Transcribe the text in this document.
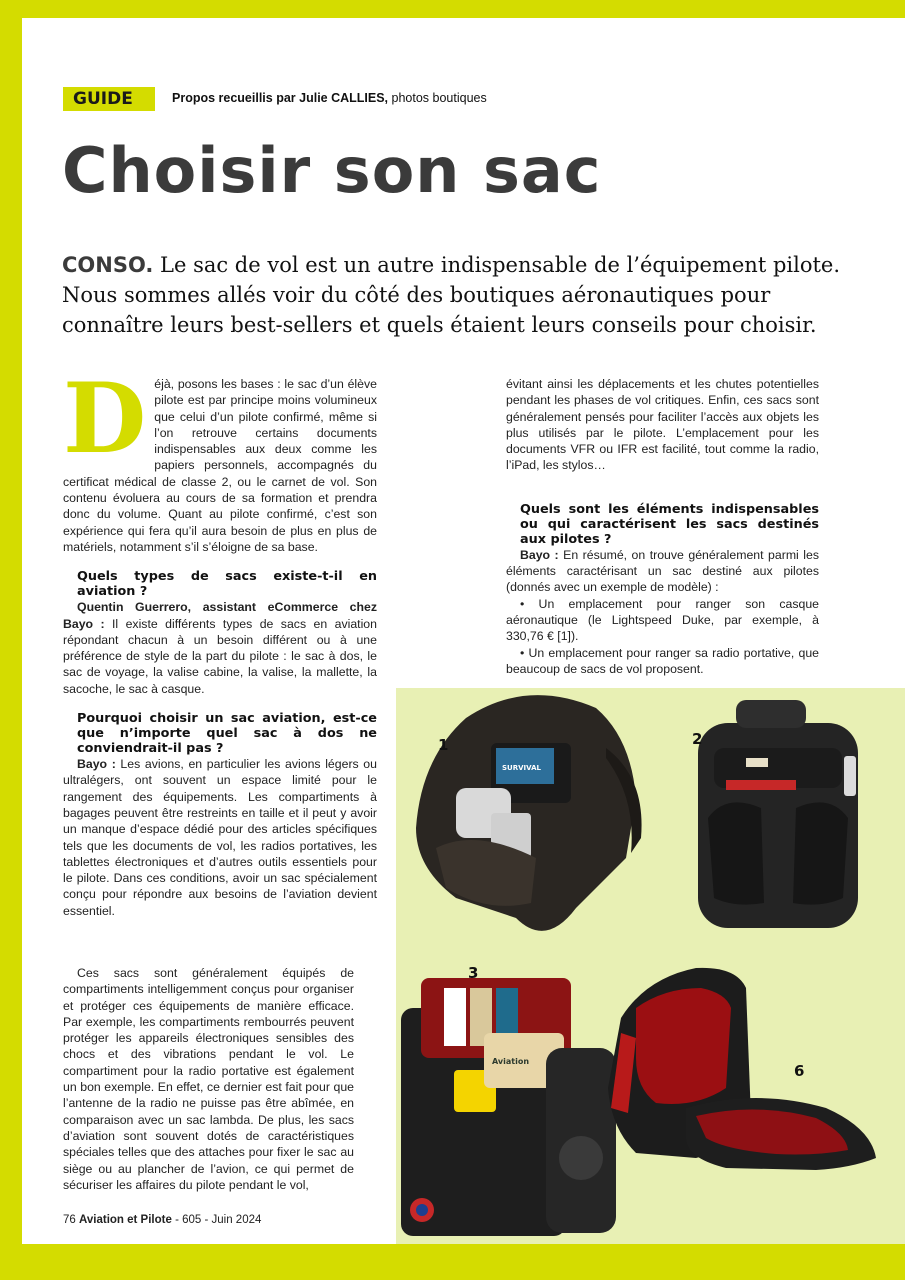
GUIDE	Propos recueillis par Julie CALLIES, photos boutiques
Choisir son sac

CONSO. Le sac de vol est un autre indispensable de l’équipement pilote. Nous sommes allés voir du côté des boutiques aéronautiques pour connaître leurs best-sellers et quels étaient leurs conseils pour choisir.

Déjà, posons les bases : le sac d’un élève pilote est par principe moins volumineux que celui d’un pilote confirmé, même si l’on retrouve certains documents indispensables aux deux comme les papiers personnels, accompagnés du certificat médical de classe 2, ou le carnet de vol. Son contenu évoluera au cours de sa formation et prendra donc du volume. Quant au pilote confirmé, c’est son expérience qui fera qu’il aura besoin de plus en plus de matériels, notamment s’il s’éloigne de sa base.

Quels types de sacs existe-t-il en aviation ?

Quentin Guerrero, assistant eCommerce chez Bayo : Il existe différents types de sacs en aviation répondant chacun à un besoin différent ou à une préférence de style de la part du pilote : le sac à dos, le sac de voyage, la valise cabine, la valise, la mallette, la sacoche, le sac à casque.

Pourquoi choisir un sac aviation, est-ce que n’importe quel sac à dos ne conviendrait-il pas ?

Bayo : Les avions, en particulier les avions légers ou ultralégers, ont souvent un espace limité pour le rangement des équipements. Les compartiments à bagages peuvent être restreints en taille et il peut y avoir un manque d’espace dédié pour des articles spécifiques tels que les documents de vol, les radios portatives, les tablettes électroniques et d’autres outils essentiels pour le pilote. Dans ces conditions, avoir un sac spécialement conçu pour répondre aux besoins de l’aviation devient essentiel.

Ces sacs sont généralement équipés de compartiments intelligemment conçus pour organiser et protéger ces équipements de manière efficace. Par exemple, les compartiments rembourrés peuvent protéger les appareils électroniques sensibles des chocs et des vibrations pendant le vol. Le compartiment pour la radio portative est également un bon exemple. En effet, ce dernier est fait pour que l’antenne de la radio ne puisse pas être abîmée, en comparaison avec un sac lambda. De plus, les sacs d’aviation sont souvent dotés de caractéristiques spéciales telles que des attaches pour fixer le sac au siège ou au plancher de l’avion, ce qui permet de sécuriser les affaires du pilote pendant le vol,

évitant ainsi les déplacements et les chutes potentielles pendant les phases de vol critiques. Enfin, ces sacs sont généralement pensés pour faciliter l’accès aux objets les plus utilisés par le pilote. L’emplacement pour les documents VFR ou IFR est facilité, tout comme la radio, l’iPad, les stylos…

Quels sont les éléments indispensables ou qui caractérisent les sacs destinés aux pilotes ?

Bayo : En résumé, on trouve généralement parmi les éléments caractérisant un sac destiné aux pilotes (donnés avec un exemple de modèle) :

• Un emplacement pour ranger son casque aéronautique (le Lightspeed Duke, par exemple, à 330,76 € [1]).

• Un emplacement pour ranger sa radio portative, que beaucoup de sacs de vol proposent.

SURVIVAL
Aviation
1	2
3
6
76 Aviation et Pilote - 605 - Juin 2024
